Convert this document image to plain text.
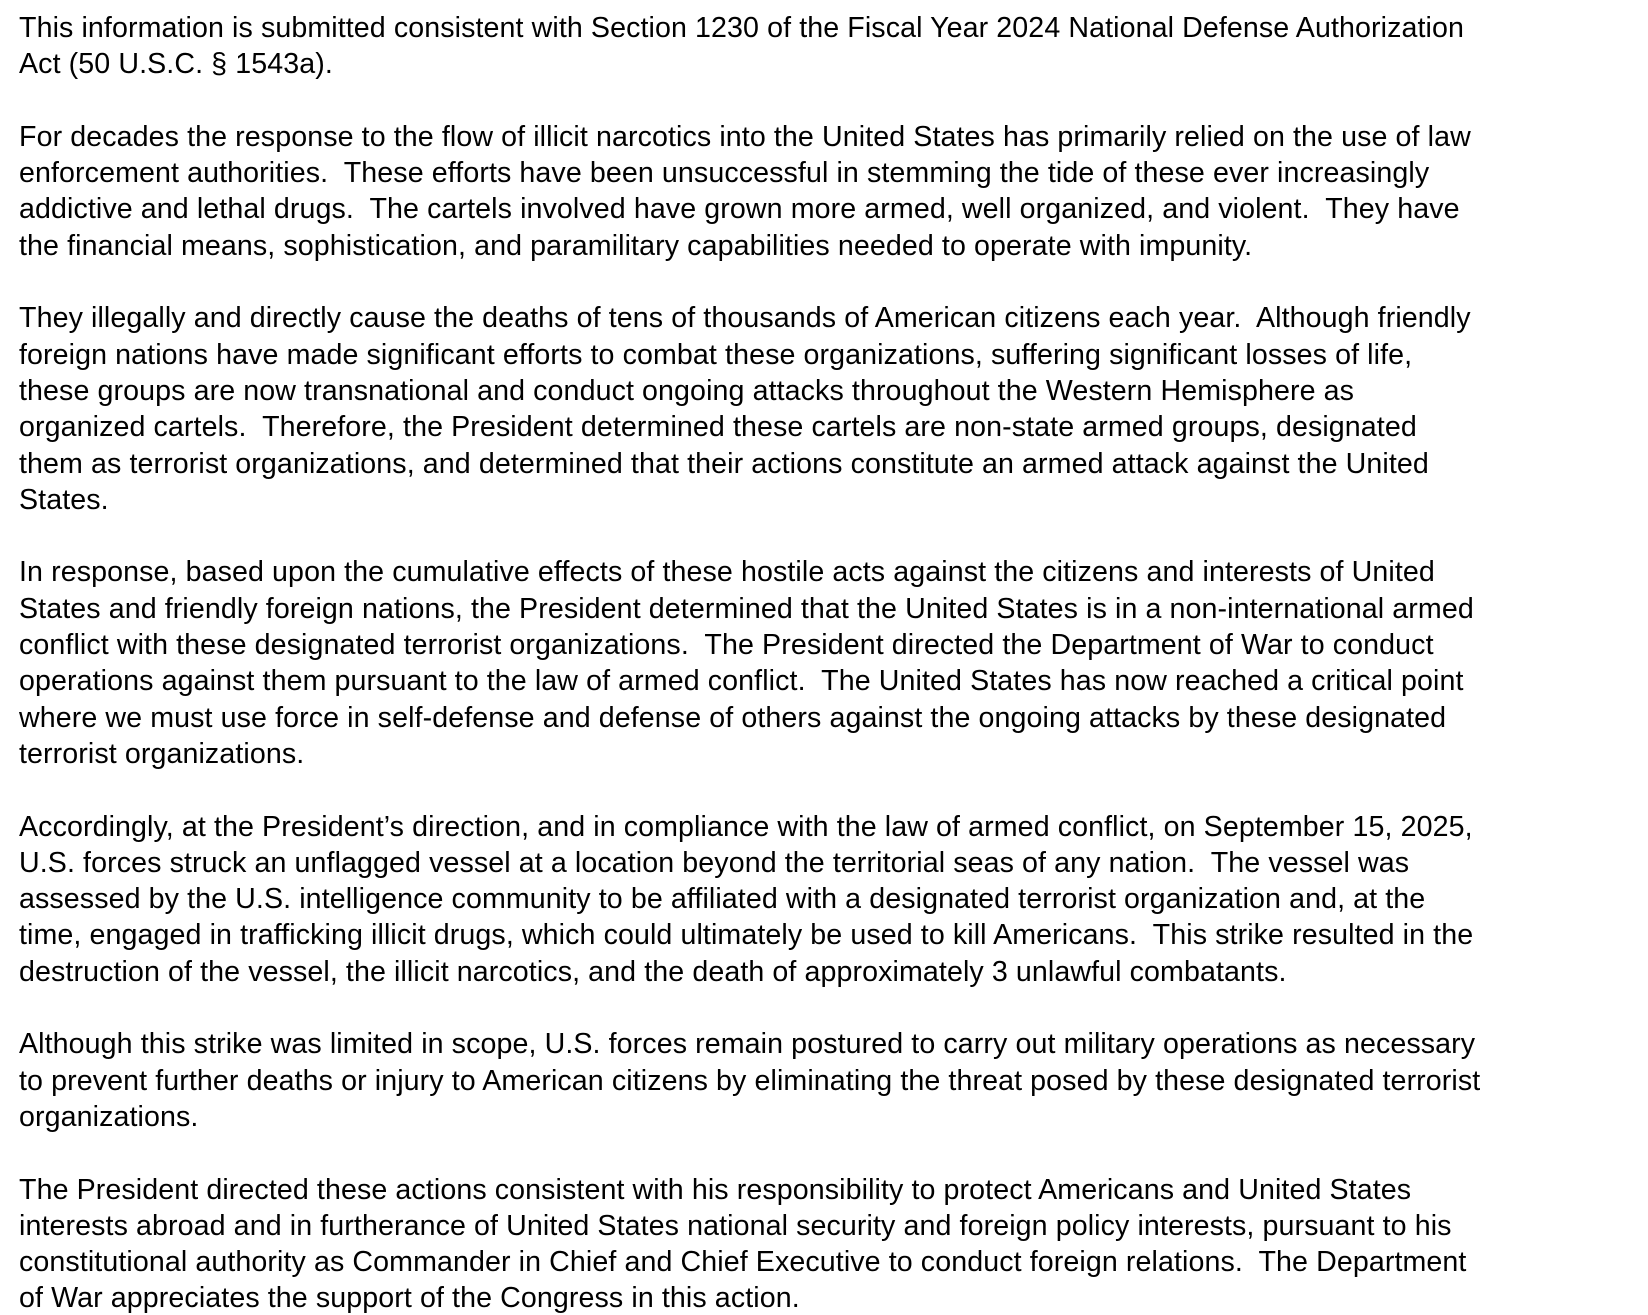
This information is submitted consistent with Section 1230 of the Fiscal Year 2024 National Defense Authorization
Act (50 U.S.C. § 1543a).
For decades the response to the flow of illicit narcotics into the United States has primarily relied on the use of law
enforcement authorities.  These efforts have been unsuccessful in stemming the tide of these ever increasingly
addictive and lethal drugs.  The cartels involved have grown more armed, well organized, and violent.  They have
the financial means, sophistication, and paramilitary capabilities needed to operate with impunity.
They illegally and directly cause the deaths of tens of thousands of American citizens each year.  Although friendly
foreign nations have made significant efforts to combat these organizations, suffering significant losses of life,
these groups are now transnational and conduct ongoing attacks throughout the Western Hemisphere as
organized cartels.  Therefore, the President determined these cartels are non-state armed groups, designated
them as terrorist organizations, and determined that their actions constitute an armed attack against the United
States.
In response, based upon the cumulative effects of these hostile acts against the citizens and interests of United
States and friendly foreign nations, the President determined that the United States is in a non-international armed
conflict with these designated terrorist organizations.  The President directed the Department of War to conduct
operations against them pursuant to the law of armed conflict.  The United States has now reached a critical point
where we must use force in self-defense and defense of others against the ongoing attacks by these designated
terrorist organizations.
Accordingly, at the President’s direction, and in compliance with the law of armed conflict, on September 15, 2025,
U.S. forces struck an unflagged vessel at a location beyond the territorial seas of any nation.  The vessel was
assessed by the U.S. intelligence community to be affiliated with a designated terrorist organization and, at the
time, engaged in trafficking illicit drugs, which could ultimately be used to kill Americans.  This strike resulted in the
destruction of the vessel, the illicit narcotics, and the death of approximately 3 unlawful combatants.
Although this strike was limited in scope, U.S. forces remain postured to carry out military operations as necessary
to prevent further deaths or injury to American citizens by eliminating the threat posed by these designated terrorist
organizations.
The President directed these actions consistent with his responsibility to protect Americans and United States
interests abroad and in furtherance of United States national security and foreign policy interests, pursuant to his
constitutional authority as Commander in Chief and Chief Executive to conduct foreign relations.  The Department
of War appreciates the support of the Congress in this action.
